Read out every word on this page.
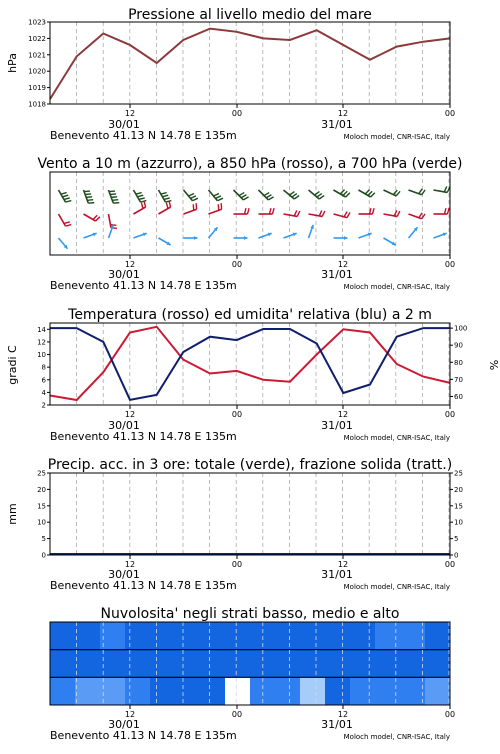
Pressione al livello medio del mare
hPa
1018
1019
1020
1021
1022
1023
12	00	12	00
30/01	31/01
Benevento 41.13 N 14.78 E 135m	Moloch model, CNR-ISAC, Italy
Vento a 10 m (azzurro), a 850 hPa (rosso), a 700 hPa (verde)
12	00	12	00
30/01	31/01
Benevento 41.13 N 14.78 E 135m	Moloch model, CNR-ISAC, Italy
Temperatura (rosso) ed umidita' relativa (blu) a 2 m
gradi C	%
2
4
6
8
10
12
14
60
70
80
90
100
12	00	12	00
30/01	31/01
Benevento 41.13 N 14.78 E 135m	Moloch model, CNR-ISAC, Italy
Precip. acc. in 3 ore: totale (verde), frazione solida (tratt.)
mm
0
5
10
15
20
25
0
5
10
15
20
25
12	00	12	00
30/01	31/01
Benevento 41.13 N 14.78 E 135m	Moloch model, CNR-ISAC, Italy
Nuvolosita' negli strati basso, medio e alto
12	00	12	00
30/01	31/01
Benevento 41.13 N 14.78 E 135m	Moloch model, CNR-ISAC, Italy
